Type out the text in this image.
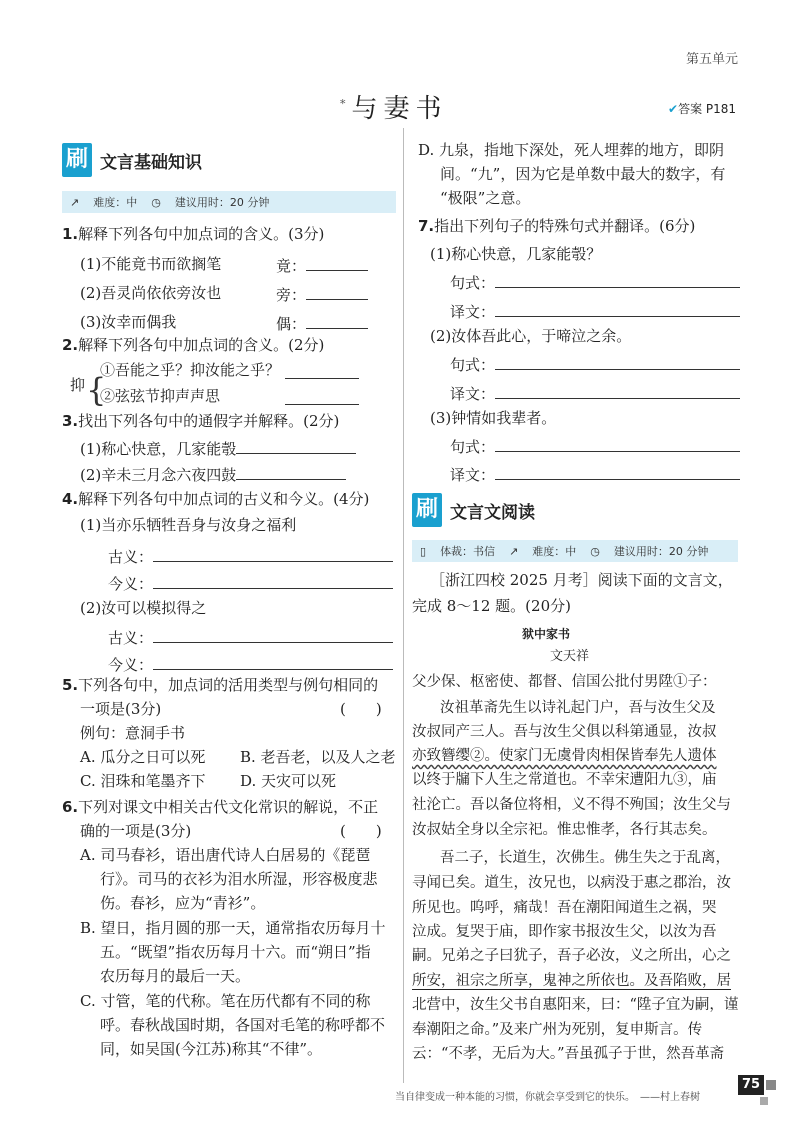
第五单元
*与妻书	✔答案 P181
刷 文言基础知识
↗ 难度：中 ◷ 建议用时：20 分钟
1.解释下列各句中加点词的含义。(3分)
(1)不能竟书而欲搁笔	竟：
(2)吾灵尚依依旁汝也	旁：
(3)汝幸而偶我	偶：
2.解释下列各句中加点词的含义。(2分)
抑 {
①吾能之乎？抑汝能之乎？
②弦弦节抑声声思
3.找出下列各句中的通假字并解释。(2分)
(1)称心快意，几家能彀
(2)辛未三月念六夜四鼓
4.解释下列各句中加点词的古义和今义。(4分)
(1)当亦乐牺牲吾身与汝身之福利
古义：
今义：
(2)汝可以模拟得之
古义：
今义：
5.下列各句中，加点词的活用类型与例句相同的
一项是(3分)	(　　)
例句：意洞手书
A. 瓜分之日可以死 B. 老吾老，以及人之老
C. 泪珠和笔墨齐下 D. 天灾可以死
6.下列对课文中相关古代文化常识的解说，不正
确的一项是(3分)	(　　)
A. 司马春衫，语出唐代诗人白居易的《琵琶
行》。司马的衣衫为泪水所湿，形容极度悲
伤。春衫，应为“青衫”。
B. 望日，指月圆的那一天，通常指农历每月十
五。“既望”指农历每月十六。而“朔日”指
农历每月的最后一天。
C. 寸管，笔的代称。笔在历代都有不同的称
呼。春秋战国时期，各国对毛笔的称呼都不
同，如吴国(今江苏)称其“不律”。
D. 九泉，指地下深处，死人埋葬的地方，即阴
间。“九”，因为它是单数中最大的数字，有
“极限”之意。
7.指出下列句子的特殊句式并翻译。(6分)
(1)称心快意，几家能彀？
句式：
译文：
(2)汝体吾此心，于啼泣之余。
句式：
译文：
(3)钟情如我辈者。
句式：
译文：
刷 文言文阅读
▯ 体裁：书信 ↗ 难度：中 ◷ 建议用时：20 分钟
［浙江四校 2025 月考］阅读下面的文言文，
完成 8～12 题。(20分)
狱中家书
文天祥
父少保、枢密使、都督、信国公批付男陞①子：
汝祖革斋先生以诗礼起门户，吾与汝生父及
汝叔同产三人。吾与汝生父俱以科第通显，汝叔
亦致簪缨②。使家门无虞骨肉相保皆奉先人遗体
以终于牖下人生之常道也。不幸宋遭阳九③，庙
社沦亡。吾以备位将相，义不得不殉国；汝生父与
汝叔姑全身以全宗祀。惟忠惟孝，各行其志矣。
吾二子，长道生，次佛生。佛生失之于乱离，
寻闻已矣。道生，汝兄也，以病没于惠之郡治，汝
所见也。呜呼，痛哉！吾在潮阳闻道生之祸，哭
泣成。复哭于庙，即作家书报汝生父，以汝为吾
嗣。兄弟之子曰犹子，吾子必汝，义之所出，心之
所安，祖宗之所享，鬼神之所依也。及吾陷败，居
北营中，汝生父书自惠阳来，曰：“陞子宜为嗣，谨
奉潮阳之命。”及来广州为死别，复申斯言。传
云：“不孝，无后为大。”吾虽孤子于世，然吾革斋
当自律变成一种本能的习惯，你就会享受到它的快乐。　——村上春树
75
